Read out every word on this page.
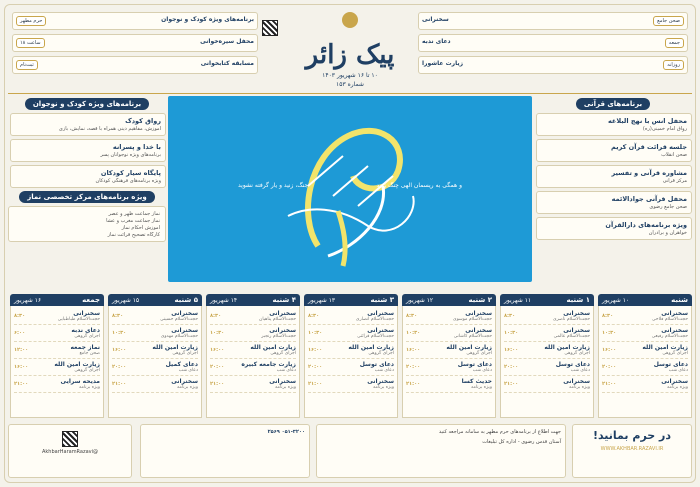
صحن جامع
سخنرانی
جمعه
دعای ندبه
روزانه
زیارت عاشورا
پیک زائر
۱۰ تا ۱۶ شهریور ۱۴۰۳
شماره ۱۵۳
برنامه‌های ویژه کودک و نوجوان
حرم مطهر
محفل سیره‌خوانی
ساعت ۱۸
مسابقه کتابخوانی
ثبت‌نام
برنامه‌های ویژه کودک و نوجوان
رواق کودک
آموزش، مفاهیم دینی همراه با قصه، نمایش، بازی
با خدا و پسرانه
برنامه‌های ویژه نوجوانان پسر
پایگاه سیار کودکان
ویژه برنامه‌های فرهنگی کودکان
ویژه برنامه‌های مرکز تخصصی نماز
نماز جماعت ظهر و عصر
نماز جماعت مغرب و عشا
آموزش احکام نماز
کارگاه تصحیح قرائت نماز
جنگ، زنید و یار گرفته نشوید	و همگی به ریسمان الهی چنگ زنید
برنامه‌های قرآنی
محفل انس با نهج البلاغه
رواق امام خمینی(ره)
جلسه قرائت قرآن کریم
صحن انقلاب
مشاوره قرآنی و تفسیر
مرکز قرآنی
محفل قرآنی جوادالائمه
صحن جامع رضوی
ویژه برنامه‌های دارالقرآن
خواهران و برادران
شنبه
۱۰ شهریور
سخنرانی
حجت‌الاسلام فلاحی
۸:۳۰
سخنرانی
حجت‌الاسلام رفیعی
۱۰:۳۰
زیارت امین الله
اجرای گروهی
۱۶:۰۰
دعای توسل
دعای شب
۲۰:۰۰
سخنرانی
ویژه برنامه
۲۱:۰۰
۱ شنبه
۱۱ شهریور
سخنرانی
حجت‌الاسلام ناصری
۸:۳۰
سخنرانی
حجت‌الاسلام عالمی
۱۰:۳۰
زیارت امین الله
اجرای گروهی
۱۶:۰۰
دعای توسل
دعای شب
۲۰:۰۰
سخنرانی
ویژه برنامه
۲۱:۰۰
۲ شنبه
۱۲ شهریور
سخنرانی
حجت‌الاسلام موسوی
۸:۳۰
سخنرانی
حجت‌الاسلام کاشانی
۱۰:۳۰
زیارت امین الله
اجرای گروهی
۱۶:۰۰
دعای توسل
دعای شب
۲۰:۰۰
حدیث کسا
ویژه برنامه
۲۱:۰۰
۳ شنبه
۱۳ شهریور
سخنرانی
حجت‌الاسلام انصاری
۸:۳۰
سخنرانی
حجت‌الاسلام قرائتی
۱۰:۳۰
زیارت امین الله
اجرای گروهی
۱۶:۰۰
دعای توسل
دعای شب
۲۰:۰۰
سخنرانی
ویژه برنامه
۲۱:۰۰
۴ شنبه
۱۴ شهریور
سخنرانی
حجت‌الاسلام پناهیان
۸:۳۰
سخنرانی
حجت‌الاسلام رنجبر
۱۰:۳۰
زیارت امین الله
اجرای گروهی
۱۶:۰۰
زیارت جامعه کبیره
دعای شب
۲۰:۰۰
سخنرانی
ویژه برنامه
۲۱:۰۰
۵ شنبه
۱۵ شهریور
سخنرانی
حجت‌الاسلام حسینی
۸:۳۰
سخنرانی
حجت‌الاسلام مهدوی
۱۰:۳۰
زیارت امین الله
اجرای گروهی
۱۶:۰۰
دعای کمیل
دعای شب
۲۰:۰۰
سخنرانی
ویژه برنامه
۲۱:۰۰
جمعه
۱۶ شهریور
سخنرانی
حجت‌الاسلام طباطبایی
۸:۳۰
دعای ندبه
اجرای گروهی
۶:۰۰
نماز جمعه
صحن جامع
۱۲:۰۰
زیارت امین الله
اجرای گروهی
۱۶:۰۰
مدیحه سرایی
ویژه برنامه
۲۱:۰۰
در حرم بمانید!
WWW.AKHBAR.RAZAVI.IR
جهت اطلاع از برنامه‌های حرم مطهر به سامانه مراجعه کنید
آستان قدس رضوی - اداره کل تبلیغات
۰۵۱-۳۲۰۰ ۲۵۶۹
@AkhbarHaramRazavi
